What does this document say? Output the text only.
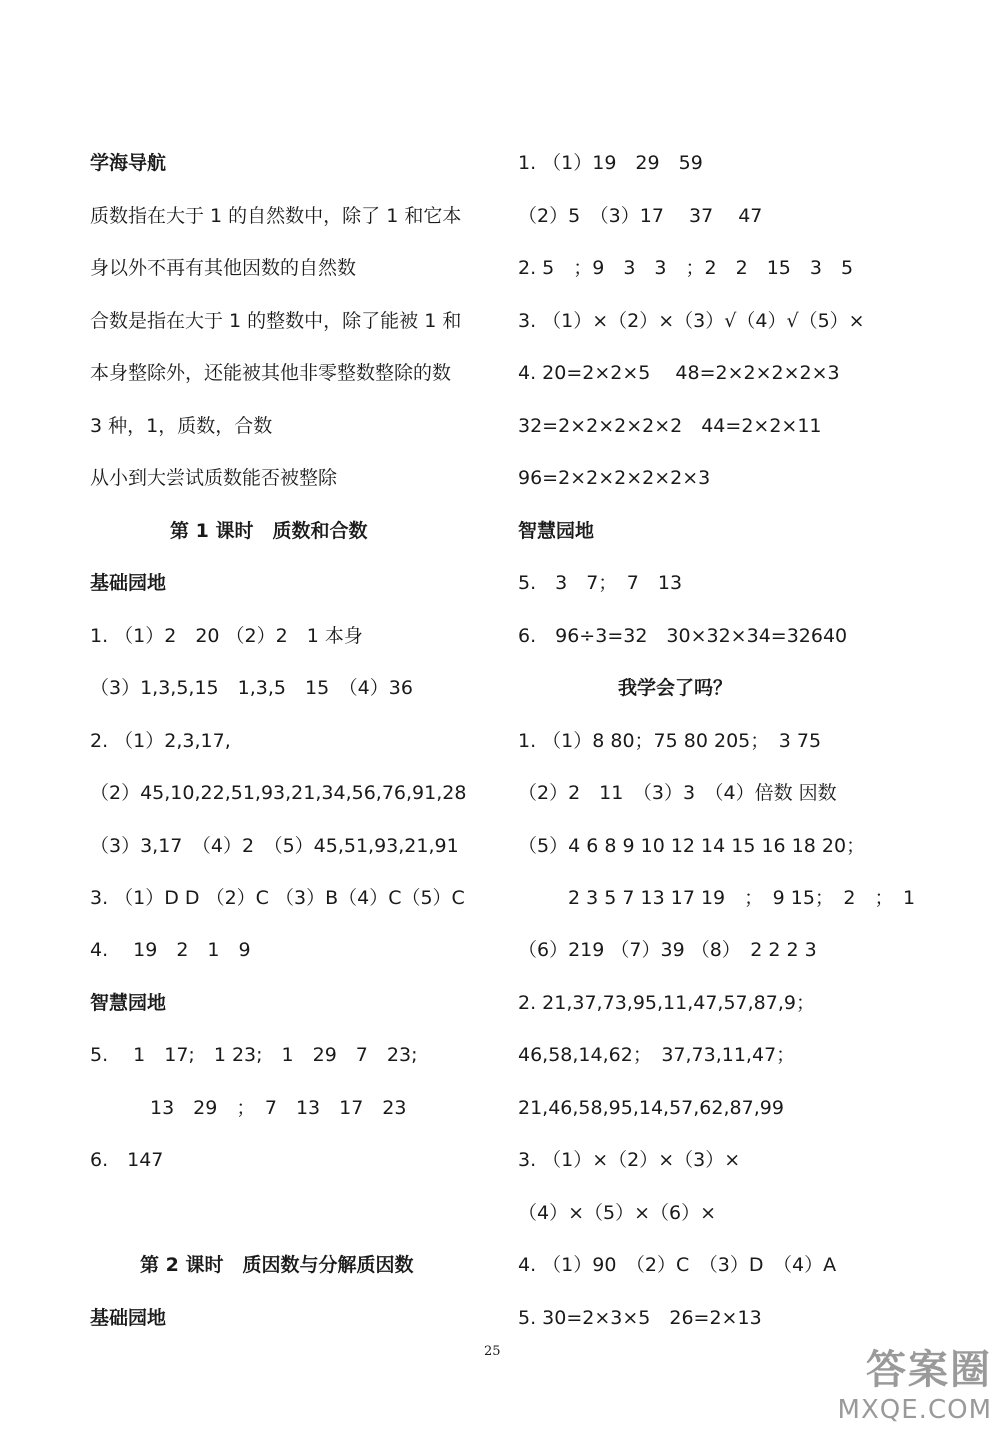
学海导航
质数指在大于 1 的自然数中，除了 1 和它本
身以外不再有其他因数的自然数
合数是指在大于 1 的整数中，除了能被 1 和
本身整除外，还能被其他非零整数整除的数
3 种，1，质数，合数
从小到大尝试质数能否被整除
第 1 课时　质数和合数
基础园地
1. （1）2　20 （2）2　1 本身
（3）1,3,5,15　1,3,5　15　（4）36
2. （1）2,3,17,
（2）45,10,22,51,93,21,34,56,76,91,28
（3）3,17　（4）2　（5）45,51,93,21,91
3. （1）D D （2）C （3）B（4）C（5）C
4.　 19　2　1　9
智慧园地
5.　 1　17;　1 23;　1　29　7　23;
13　29　；　7　13　17　23
6.　147
第 2 课时　质因数与分解质因数
基础园地
1. （1）19　29　59
（2）5　（3）17　 37　 47
2. 5　；9　3　3　；2　2　15　3　5
3. （1）×（2）×（3）√（4）√（5）×
4. 20=2×2×5　 48=2×2×2×2×3
32=2×2×2×2×2　44=2×2×11
96=2×2×2×2×2×3
智慧园地
5.　3　7；　7　13
6.　96÷3=32　30×32×34=32640
我学会了吗？
1. （1）8 80；75 80 205；　3 75
（2）2　11　（3）3　（4）倍数 因数
（5）4 6 8 9 10 12 14 15 16 18 20；
2 3 5 7 13 17 19　；　9 15；　2　；　1
（6）219 （7）39 （8）　2 2 2 3
2. 21,37,73,95,11,47,57,87,9；
46,58,14,62；　37,73,11,47；
21,46,58,95,14,57,62,87,99
3. （1）×（2）×（3）×
（4）×（5）×（6）×
4. （1）90　（2）C　（3）D　（4）A
5. 30=2×3×5　26=2×13
25	答案圈
MXQE.COM
